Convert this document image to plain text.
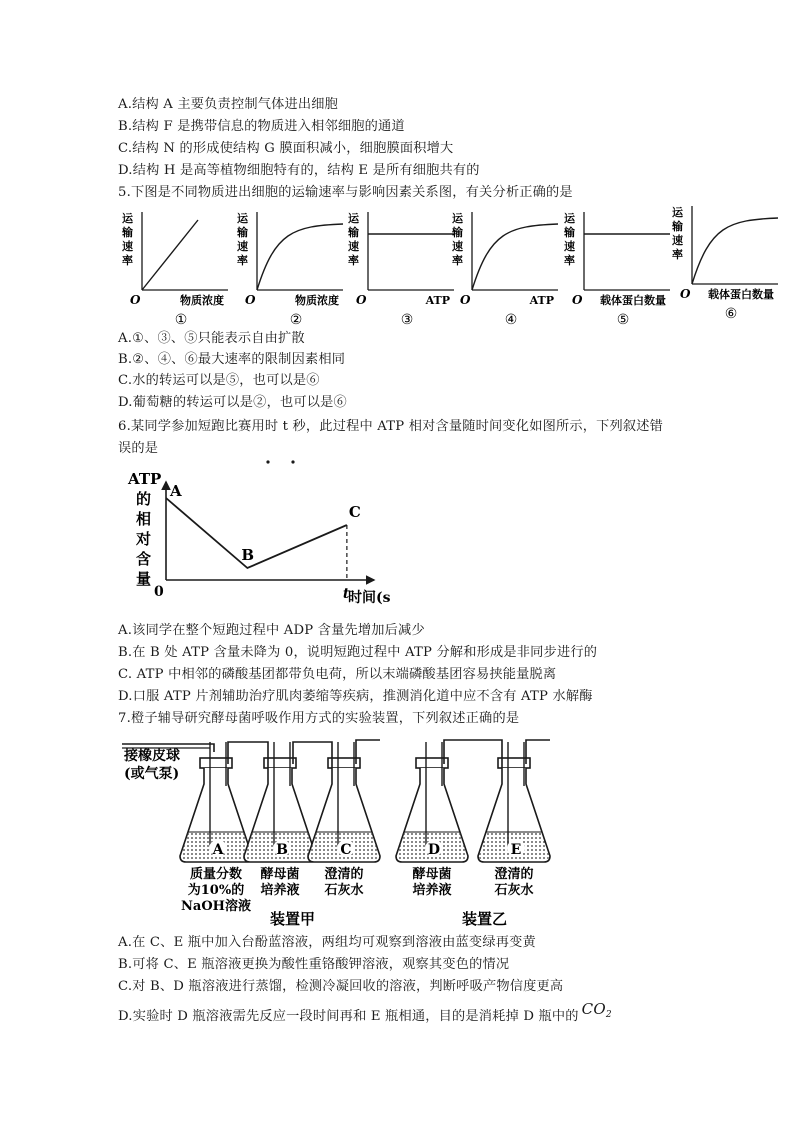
A.结构 A 主要负责控制气体进出细胞
B.结构 F 是携带信息的物质进入相邻细胞的通道
C.结构 N 的形成使结构 G 膜面积减小，细胞膜面积增大
D.结构 H 是高等植物细胞特有的，结构 E 是所有细胞共有的
5.下图是不同物质进出细胞的运输速率与影响因素关系图，有关分析正确的是
运
输
速
率
O	物质浓度
①
运
输
速
率
O	物质浓度
②
运
输
速
率
O	ATP
③
运
输
速
率
O	ATP
④
运
输
速
率
O 载体蛋白数量
⑤
运
输
速
率
O 载体蛋白数量
⑥
A.①、③、⑤只能表示自由扩散
B.②、④、⑥最大速率的限制因素相同
C.水的转运可以是⑤，也可以是⑥
D.葡萄糖的转运可以是②，也可以是⑥
6.某同学参加短跑比赛用时 t 秒，此过程中 ATP 相对含量随时间变化如图所示，下列叙述错
误的是
ATP
的
相
对
含
量
0	时间(s
t
A
B
C
A.该同学在整个短跑过程中 ADP 含量先增加后减少
B.在 B 处 ATP 含量未降为 0，说明短跑过程中 ATP 分解和形成是非同步进行的
C. ATP 中相邻的磷酸基团都带负电荷，所以末端磷酸基团容易挟能量脱离
D.口服 ATP 片剂辅助治疗肌肉萎缩等疾病，推测消化道中应不含有 ATP 水解酶
7.橙子辅导研究酵母菌呼吸作用方式的实验装置，下列叙述正确的是
接橡皮球
(或气泵)
A
质量分数
为10%的
NaOH溶液
B
酵母菌
培养液
C
澄清的
石灰水
D
酵母菌
培养液
E
澄清的
石灰水
装置甲	装置乙
A.在 C、E 瓶中加入台酚蓝溶液，两组均可观察到溶液由蓝变绿再变黄
B.可将 C、E 瓶溶液更换为酸性重铬酸钾溶液，观察其变色的情况
C.对 B、D 瓶溶液进行蒸馏，检测冷凝回收的溶液，判断呼吸产物信度更高
D.实验时 D 瓶溶液需先反应一段时间再和 E 瓶相通，目的是消耗掉 D 瓶中的 $CO_2$
